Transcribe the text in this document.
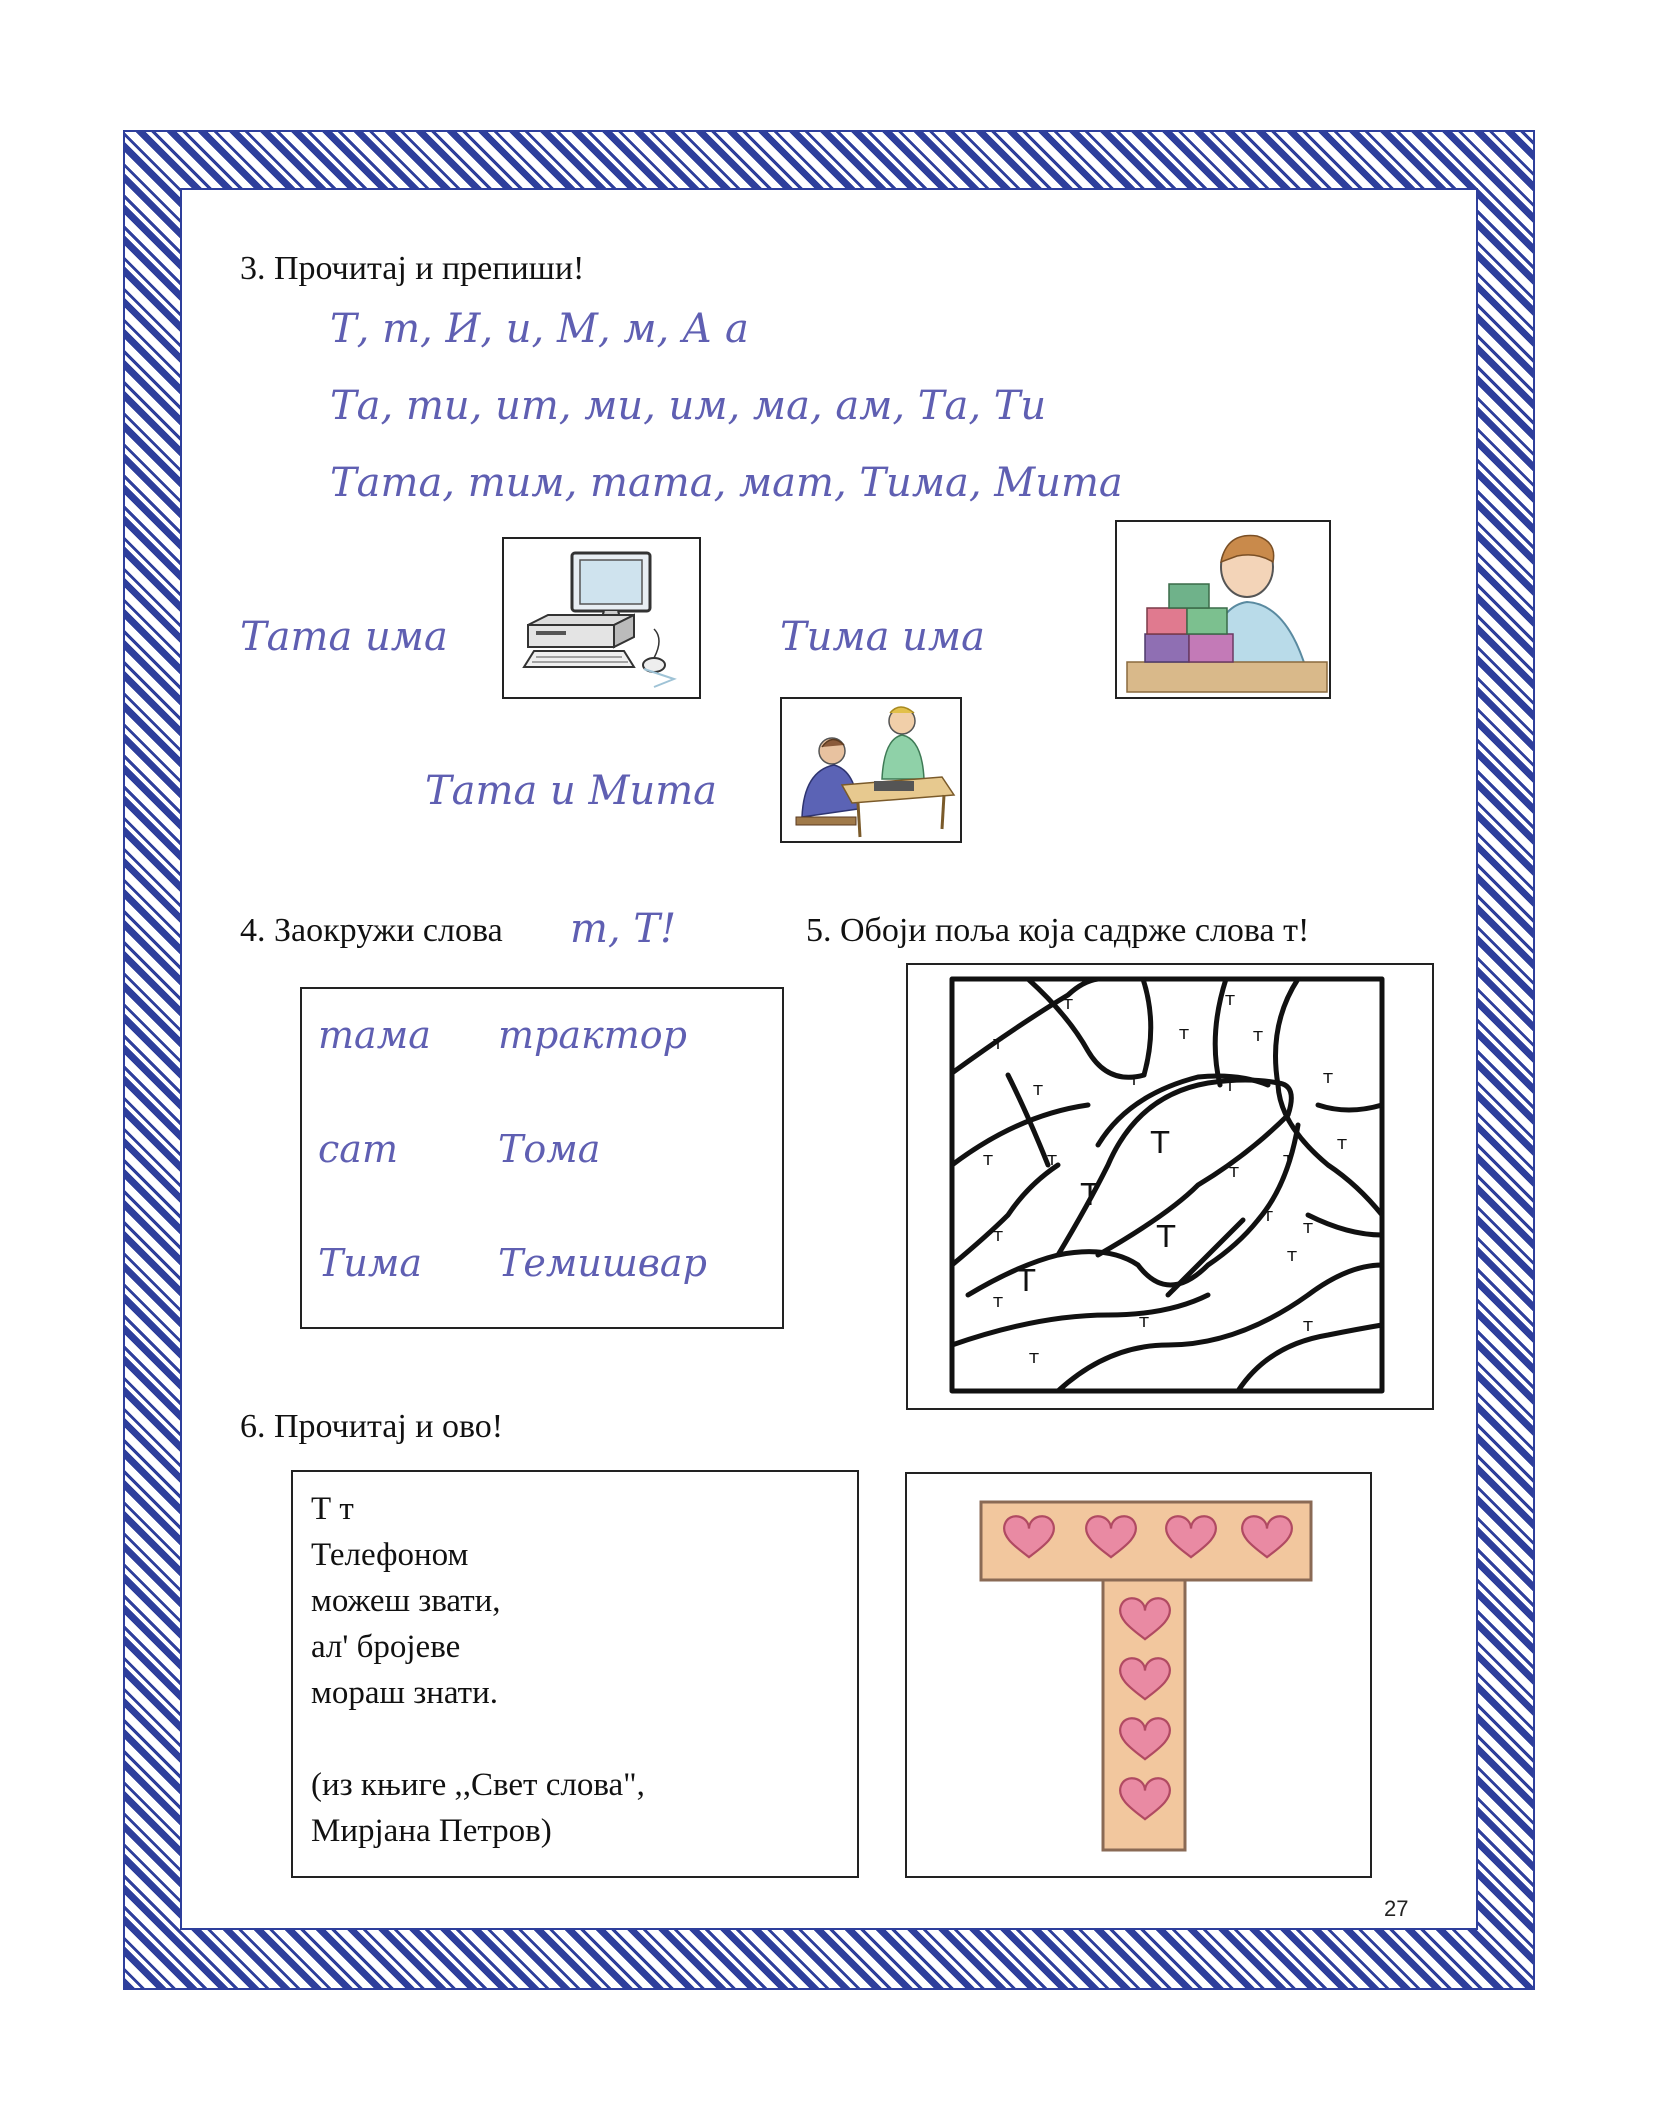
3. Прочитај и препиши!
Т, т, И, и, М, м, А а
Та, ти, ит, ми, им, ма, ам, Та, Ти
Тата, тим, тата, мат, Тима, Мита
Тата има	Тима има
Тата и Мита
4. Заокружи слова т, Т!
тама трактор
сат	Тома
Тима Темишвар
5. Обоји поља која садрже слова т!
т	т
т	т	т
т	т
т	т
т	т	т
т
т
т
т
т
т
т
т	т
т
Т
Т
Т
Т
6. Прочитај и ово!
Т т
Телефоном
можеш звати,
ал' бројеве
мораш знати.
(из књиге ,,Свет слова",
Мирјана Петров)
27
